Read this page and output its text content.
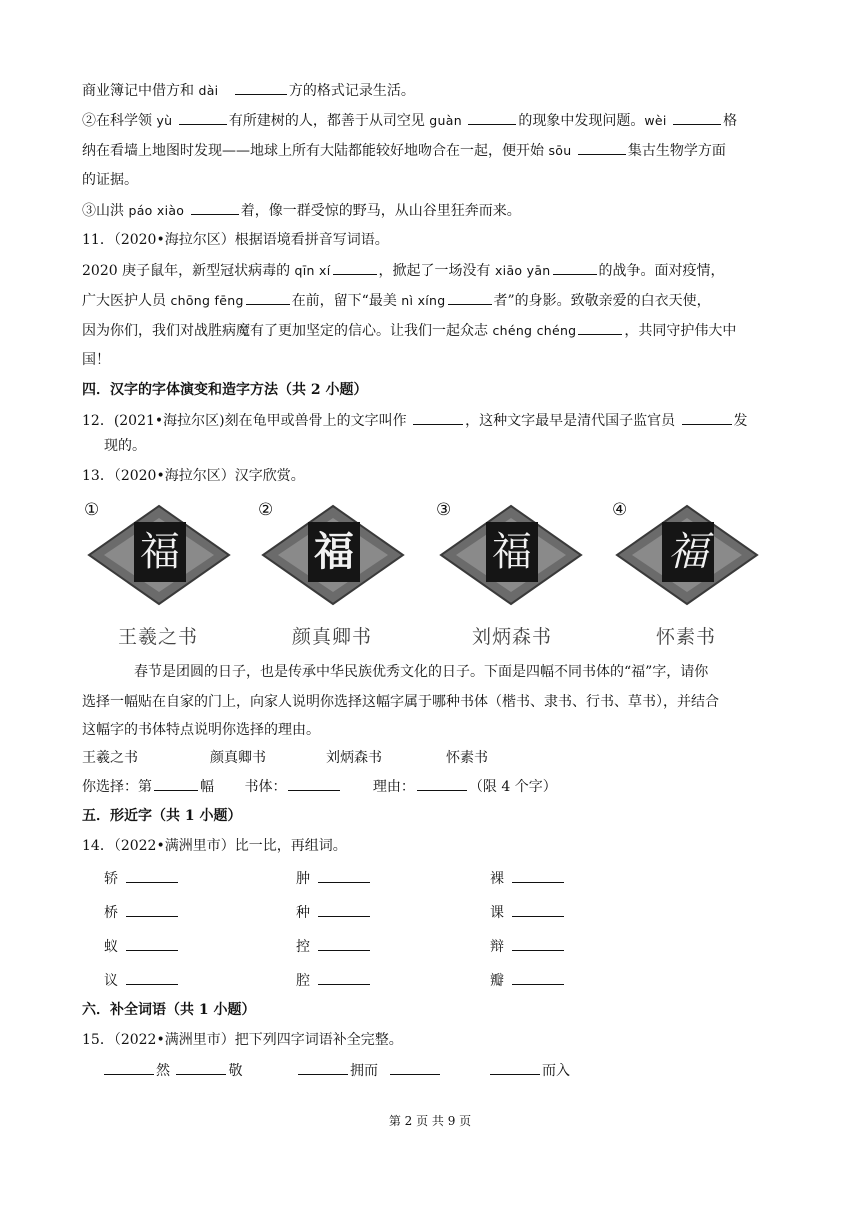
商业簿记中借方和 dài	方的格式记录生活。
②在科学领 yù	有所建树的人，都善于从司空见 guàn	的现象中发现问题。wèi	格
纳在看墙上地图时发现——地球上所有大陆都能较好地吻合在一起，便开始 sōu	集古生物学方面
的证据。
③山洪 páo xiào	着，像一群受惊的野马，从山谷里狂奔而来。
11．（2020•海拉尔区）根据语境看拼音写词语。
2020 庚子鼠年，新型冠状病毒的 qīn xí	，掀起了一场没有 xiāo yān	的战争。面对疫情，
广大医护人员 chōng fēng	在前，留下“最美 nì xíng	者”的身影。致敬亲爱的白衣天使，
因为你们，我们对战胜病魔有了更加坚定的信心。让我们一起众志 chéng chéng	，共同守护伟大中
国！
四．汉字的字体演变和造字方法（共 2 小题）
12．(2021•海拉尔区)刻在龟甲或兽骨上的文字叫作	，这种文字最早是清代国子监官员	发
现的。
13．（2020•海拉尔区）汉字欣赏。
①
福
②
福
③
福
④
福
王羲之书	颜真卿书	刘炳森书	怀素书
春节是团圆的日子，也是传承中华民族优秀文化的日子。下面是四幅不同书体的“福”字，请你
选择一幅贴在自家的门上，向家人说明你选择这幅字属于哪种书体（楷书、隶书、行书、草书），并结合
这幅字的书体特点说明你选择的理由。
王羲之书	颜真卿书	刘炳森书	怀素书
你选择：第	幅 书体：	理由：	（限 4 个字）
五．形近字（共 1 小题）
14．（2022•满洲里市）比一比，再组词。
轿	肿	裸
桥	种	课
蚁	控	辩
议	腔	瓣
六．补全词语（共 1 小题）
15．（2022•满洲里市）把下列四字词语补全完整。
然	敬	拥而	而入
第 2 页 共 9 页
